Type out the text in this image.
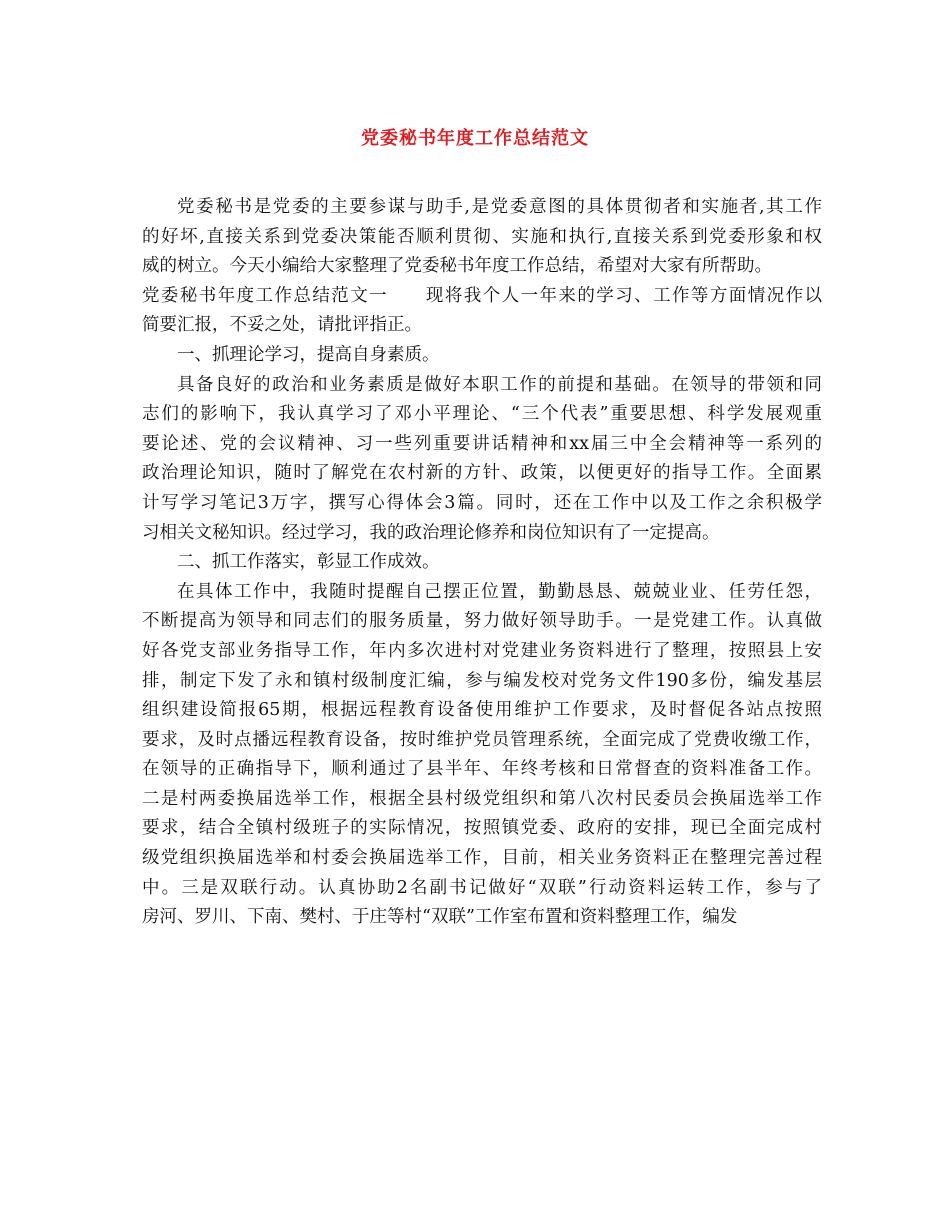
党委秘书年度工作总结范文
党委秘书是党委的主要参谋与助手,是党委意图的具体贯彻者和实施者,其工作
的好坏,直接关系到党委决策能否顺利贯彻、实施和执行,直接关系到党委形象和权
威的树立。今天小编给大家整理了党委秘书年度工作总结，希望对大家有所帮助。
党委秘书年度工作总结范文一　　现将我个人一年来的学习、工作等方面情况作以
简要汇报，不妥之处，请批评指正。
一、抓理论学习，提高自身素质。
具备良好的政治和业务素质是做好本职工作的前提和基础。在领导的带领和同
志们的影响下，我认真学习了邓小平理论、“三个代表”重要思想、科学发展观重
要论述、党的会议精神、习一些列重要讲话精神和xx届三中全会精神等一系列的
政治理论知识，随时了解党在农村新的方针、政策，以便更好的指导工作。全面累
计写学习笔记3万字，撰写心得体会3篇。同时，还在工作中以及工作之余积极学
习相关文秘知识。经过学习，我的政治理论修养和岗位知识有了一定提高。
二、抓工作落实，彰显工作成效。
在具体工作中，我随时提醒自己摆正位置，勤勤恳恳、兢兢业业、任劳任怨，
不断提高为领导和同志们的服务质量，努力做好领导助手。一是党建工作。认真做
好各党支部业务指导工作，年内多次进村对党建业务资料进行了整理，按照县上安
排，制定下发了永和镇村级制度汇编，参与编发校对党务文件190多份，编发基层
组织建设简报65期，根据远程教育设备使用维护工作要求，及时督促各站点按照
要求，及时点播远程教育设备，按时维护党员管理系统，全面完成了党费收缴工作，
在领导的正确指导下，顺利通过了县半年、年终考核和日常督查的资料准备工作。
二是村两委换届选举工作，根据全县村级党组织和第八次村民委员会换届选举工作
要求，结合全镇村级班子的实际情况，按照镇党委、政府的安排，现已全面完成村
级党组织换届选举和村委会换届选举工作，目前，相关业务资料正在整理完善过程
中。三是双联行动。认真协助2名副书记做好“双联”行动资料运转工作，参与了
房河、罗川、下南、樊村、于庄等村“双联”工作室布置和资料整理工作，编发
